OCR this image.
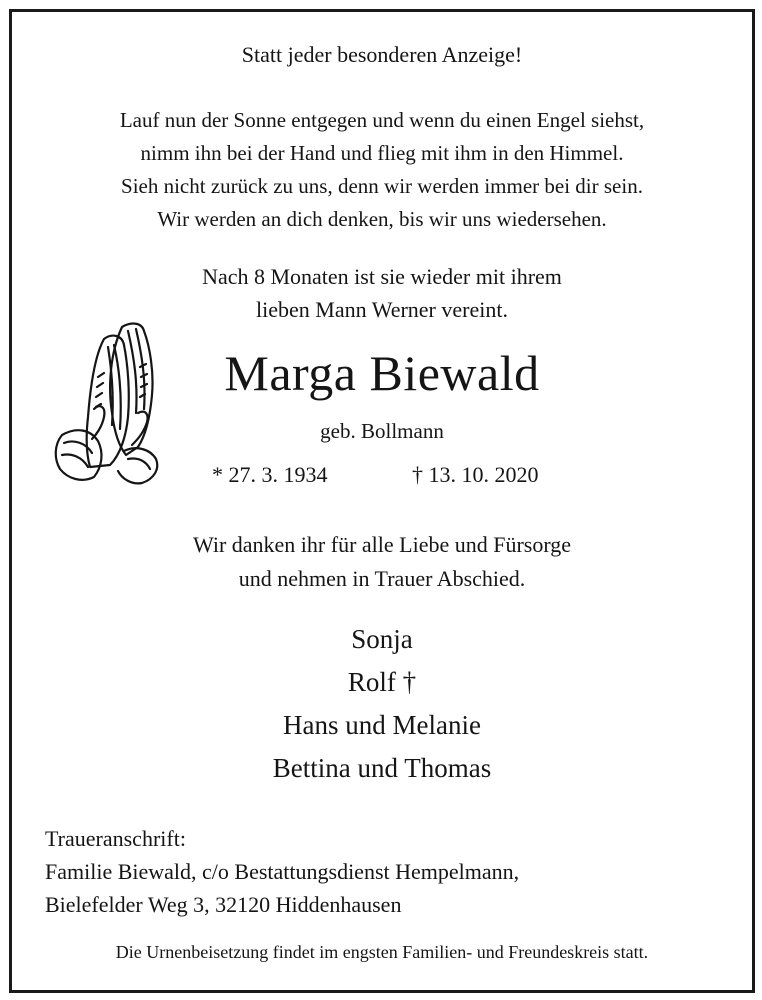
Statt jeder besonderen Anzeige!
Lauf nun der Sonne entgegen und wenn du einen Engel siehst,
nimm ihn bei der Hand und flieg mit ihm in den Himmel.
Sieh nicht zurück zu uns, denn wir werden immer bei dir sein.
Wir werden an dich denken, bis wir uns wiedersehen.
Nach 8 Monaten ist sie wieder mit ihrem
lieben Mann Werner vereint.
Marga Biewald
geb. Bollmann
* 27. 3. 1934	† 13. 10. 2020
Wir danken ihr für alle Liebe und Fürsorge
und nehmen in Trauer Abschied.
Sonja
Rolf †
Hans und Melanie
Bettina und Thomas
Traueranschrift:
Familie Biewald, c/o Bestattungsdienst Hempelmann,
Bielefelder Weg 3, 32120 Hiddenhausen
Die Urnenbeisetzung findet im engsten Familien- und Freundeskreis statt.
